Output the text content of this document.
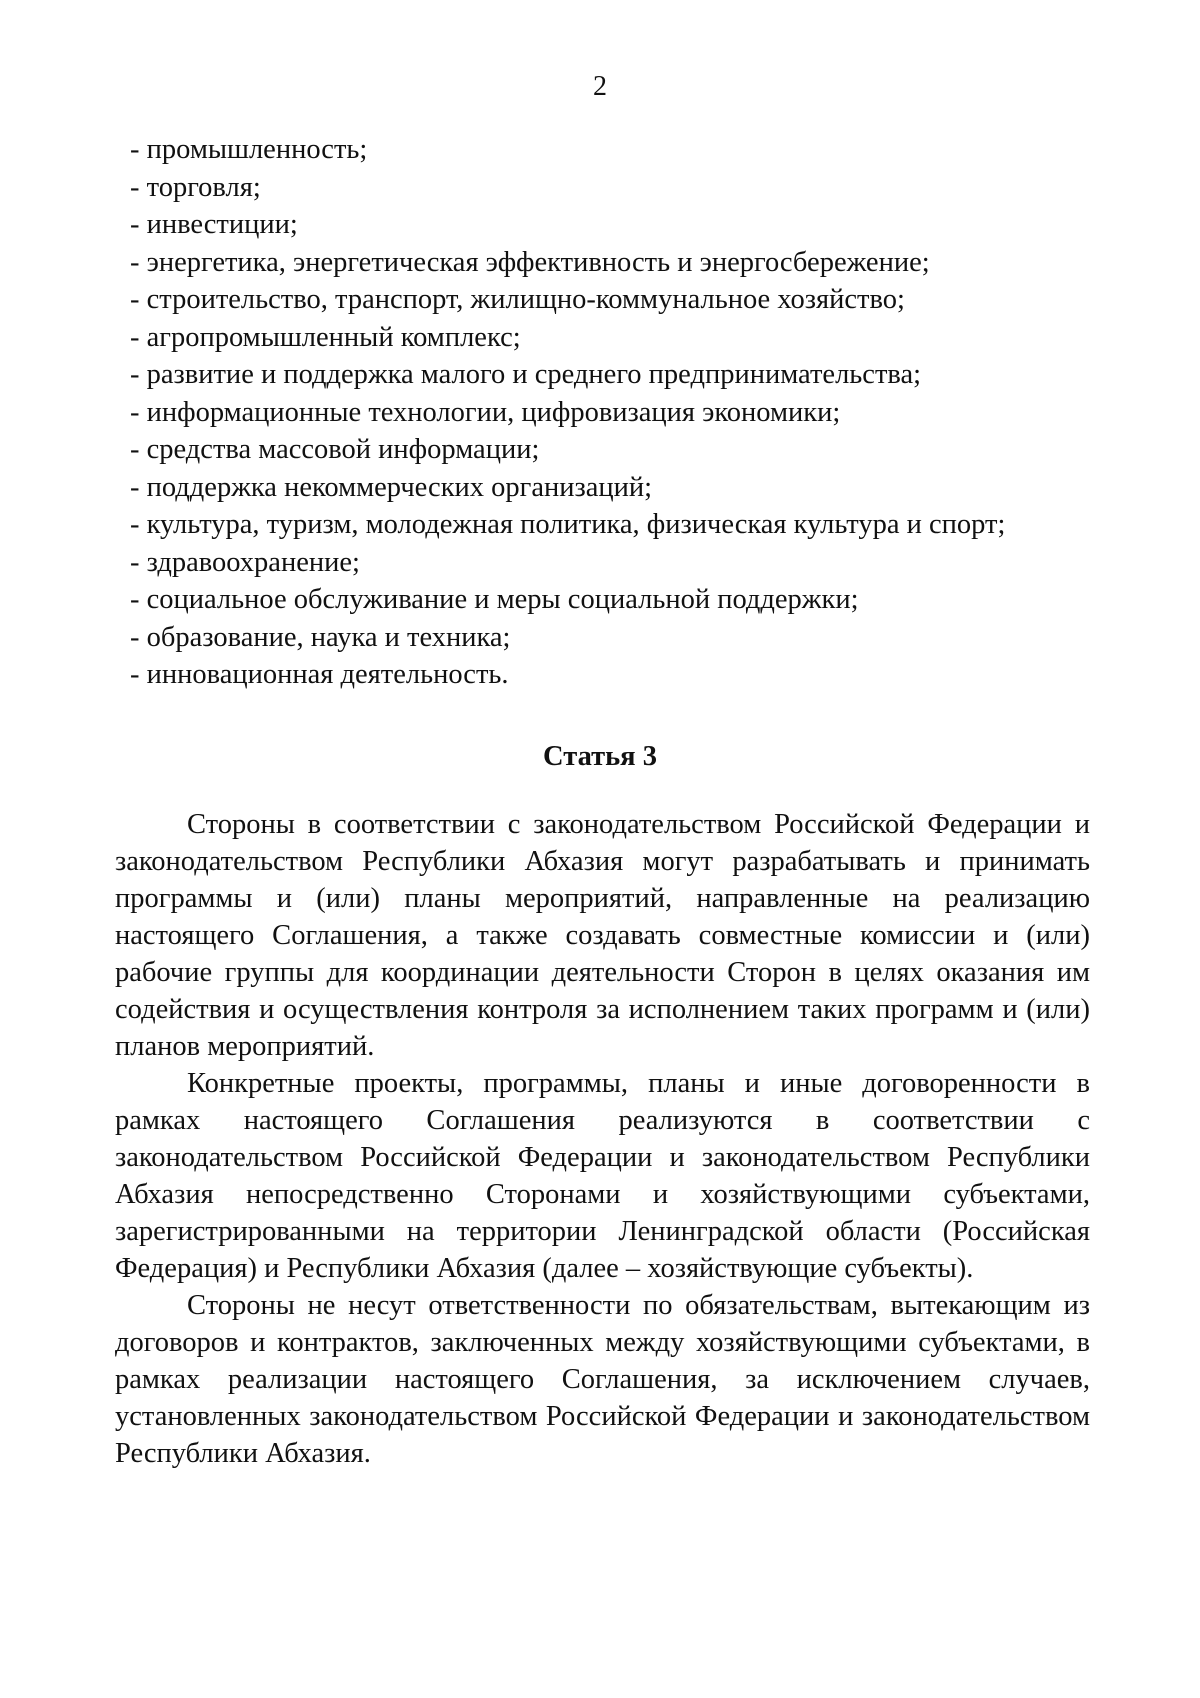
2
- промышленность;
- торговля;
- инвестиции;
- энергетика, энергетическая эффективность и энергосбережение;
- строительство, транспорт, жилищно-коммунальное хозяйство;
- агропромышленный комплекс;
- развитие и поддержка малого и среднего предпринимательства;
- информационные технологии, цифровизация экономики;
- средства массовой информации;
- поддержка некоммерческих организаций;
- культура, туризм, молодежная политика, физическая культура и спорт;
- здравоохранение;
- социальное обслуживание и меры социальной поддержки;
- образование, наука и техника;
- инновационная деятельность.
Статья 3

Стороны в соответствии с законодательством Российской Федерации и законодательством Республики Абхазия могут разрабатывать и принимать программы и (или) планы мероприятий, направленные на реализацию настоящего Соглашения, а также создавать совместные комиссии и (или) рабочие группы для координации деятельности Сторон в целях оказания им содействия и осуществления контроля за исполнением таких программ и (или) планов мероприятий.

Конкретные проекты, программы, планы и иные договоренности в рамках настоящего Соглашения реализуются в соответствии с законодательством Российской Федерации и законодательством Республики Абхазия непосредственно Сторонами и хозяйствующими субъектами, зарегистрированными на территории Ленинградской области (Российская Федерация) и Республики Абхазия (далее – хозяйствующие субъекты).

Стороны не несут ответственности по обязательствам, вытекающим из договоров и контрактов, заключенных между хозяйствующими субъектами, в рамках реализации настоящего Соглашения, за исключением случаев, установленных законодательством Российской Федерации и законодательством Республики Абхазия.
